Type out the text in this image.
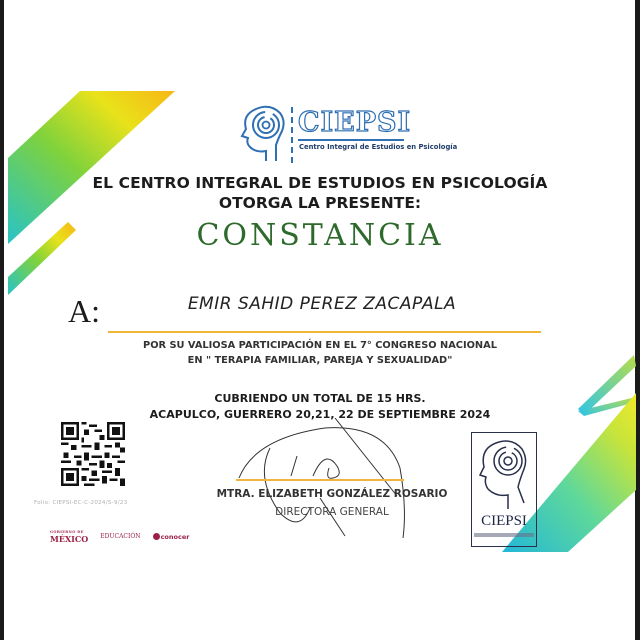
CIEPSI
Centro Integral de Estudios en Psicología
EL CENTRO INTEGRAL DE ESTUDIOS EN PSICOLOGÍA
OTORGA LA PRESENTE:
CONSTANCIA
A:	EMIR SAHID PEREZ ZACAPALA
POR SU VALIOSA PARTICIPACIÓN EN EL 7° CONGRESO NACIONAL
EN " TERAPIA FAMILIAR, PAREJA Y SEXUALIDAD"
CUBRIENDO UN TOTAL DE 15 HRS.
ACAPULCO, GUERRERO 20,21, 22 DE SEPTIEMBRE 2024
MTRA. ELIZABETH GONZÁLEZ ROSARIO
DIRECTORA GENERAL
Folio: CIEPSI-EC-C-2024/S-9/23
GOBIERNO DE
MÉXICO EDUCACIÓN	conocer
CIEPSI
